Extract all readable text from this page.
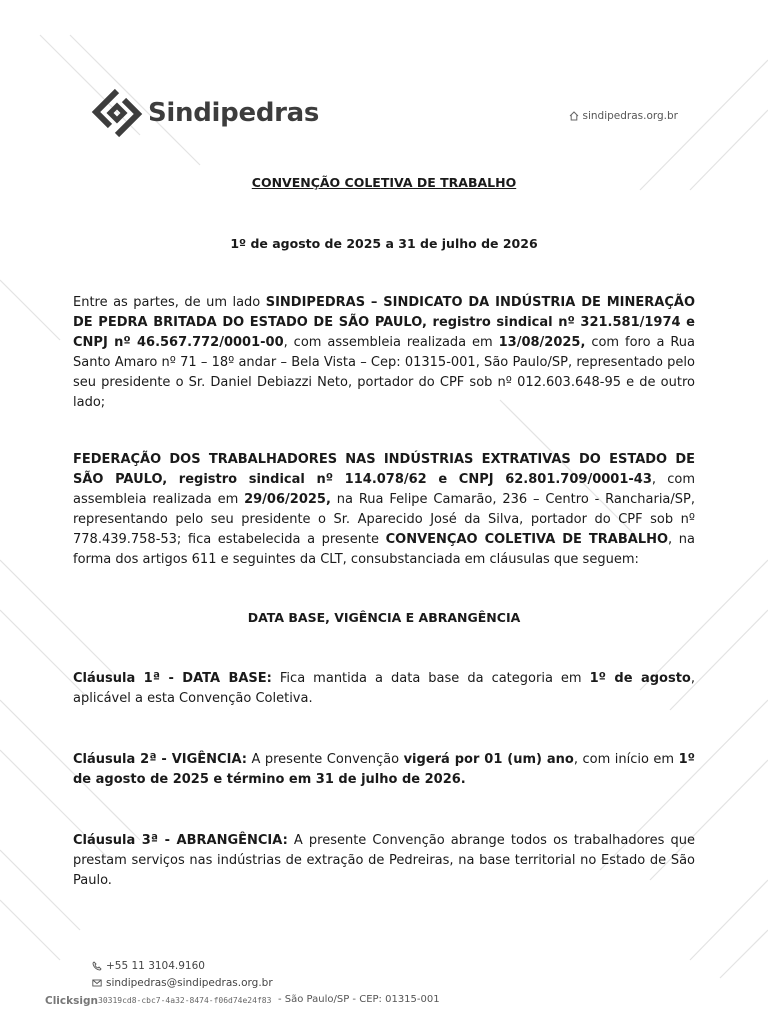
Sindipedras	sindipedras.org.br
CONVENÇÃO COLETIVA DE TRABALHO
1º de agosto de 2025 a 31 de julho de 2026
Entre as partes, de um lado SINDIPEDRAS – SINDICATO DA INDÚSTRIA DE MINERAÇÃO DE PEDRA BRITADA DO ESTADO DE SÃO PAULO, registro sindical nº 321.581/1974 e CNPJ nº 46.567.772/0001-00, com assembleia realizada em 13/08/2025, com foro a Rua Santo Amaro nº 71 – 18º andar – Bela Vista – Cep: 01315-001, São Paulo/SP, representado pelo seu presidente o Sr. Daniel Debiazzi Neto, portador do CPF sob nº 012.603.648-95 e de outro lado;
FEDERAÇÃO DOS TRABALHADORES NAS INDÚSTRIAS EXTRATIVAS DO ESTADO DE SÃO PAULO, registro sindical nº 114.078/62 e CNPJ 62.801.709/0001-43, com assembleia realizada em 29/06/2025, na Rua Felipe Camarão, 236 – Centro - Rancharia/SP, representando pelo seu presidente o Sr. Aparecido José da Silva, portador do CPF sob nº 778.439.758-53; fica estabelecida a presente CONVENÇAO COLETIVA DE TRABALHO, na forma dos artigos 611 e seguintes da CLT, consubstanciada em cláusulas que seguem:
DATA BASE, VIGÊNCIA E ABRANGÊNCIA
Cláusula 1ª - DATA BASE: Fica mantida a data base da categoria em 1º de agosto, aplicável a esta Convenção Coletiva.
Cláusula 2ª - VIGÊNCIA: A presente Convenção vigerá por 01 (um) ano, com início em 1º de agosto de 2025 e término em 31 de julho de 2026.
Cláusula 3ª - ABRANGÊNCIA: A presente Convenção abrange todos os trabalhadores que prestam serviços nas indústrias de extração de Pedreiras, na base territorial no Estado de São Paulo.
+55 11 3104.9160
sindipedras@sindipedras.org.br
Clicksign 30319cd8-cbc7-4a32-8474-f06d74e24f83 - São Paulo/SP - CEP: 01315-001
